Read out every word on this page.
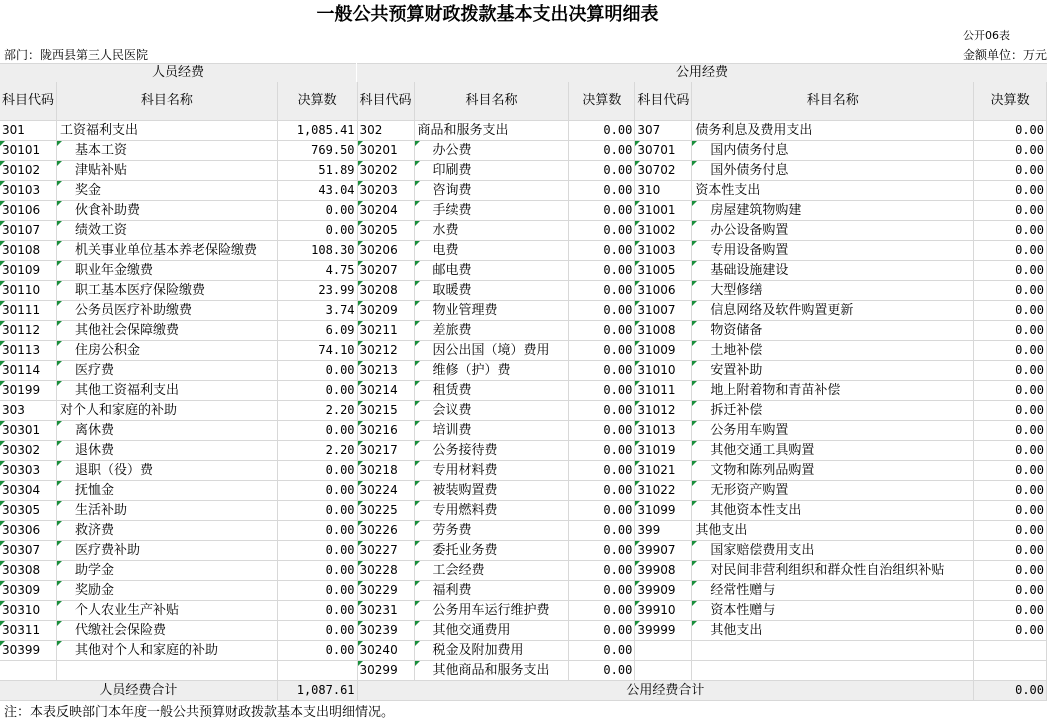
一般公共预算财政拨款基本支出决算明细表
公开06表
部门：陇西县第三人民医院	金额单位：万元
人员经费	公用经费
科目代码	科目名称	决算数	科目代码	科目名称	决算数	科目代码	科目名称	决算数
301	工资福利支出	1,085.41	302	商品和服务支出	0.00	307	债务利息及费用支出	0.00
30101	基本工资	769.50	30201	办公费	0.00	30701	国内债务付息	0.00
30102	津贴补贴	51.89	30202	印刷费	0.00	30702	国外债务付息	0.00
30103	奖金	43.04	30203	咨询费	0.00	310	资本性支出	0.00
30106	伙食补助费	0.00	30204	手续费	0.00	31001	房屋建筑物购建	0.00
30107	绩效工资	0.00	30205	水费	0.00	31002	办公设备购置	0.00
30108	机关事业单位基本养老保险缴费	108.30	30206	电费	0.00	31003	专用设备购置	0.00
30109	职业年金缴费	4.75	30207	邮电费	0.00	31005	基础设施建设	0.00
30110	职工基本医疗保险缴费	23.99	30208	取暖费	0.00	31006	大型修缮	0.00
30111	公务员医疗补助缴费	3.74	30209	物业管理费	0.00	31007	信息网络及软件购置更新	0.00
30112	其他社会保障缴费	6.09	30211	差旅费	0.00	31008	物资储备	0.00
30113	住房公积金	74.10	30212	因公出国（境）费用	0.00	31009	土地补偿	0.00
30114	医疗费	0.00	30213	维修（护）费	0.00	31010	安置补助	0.00
30199	其他工资福利支出	0.00	30214	租赁费	0.00	31011	地上附着物和青苗补偿	0.00
303	对个人和家庭的补助	2.20	30215	会议费	0.00	31012	拆迁补偿	0.00
30301	离休费	0.00	30216	培训费	0.00	31013	公务用车购置	0.00
30302	退休费	2.20	30217	公务接待费	0.00	31019	其他交通工具购置	0.00
30303	退职（役）费	0.00	30218	专用材料费	0.00	31021	文物和陈列品购置	0.00
30304	抚恤金	0.00	30224	被装购置费	0.00	31022	无形资产购置	0.00
30305	生活补助	0.00	30225	专用燃料费	0.00	31099	其他资本性支出	0.00
30306	救济费	0.00	30226	劳务费	0.00	399	其他支出	0.00
30307	医疗费补助	0.00	30227	委托业务费	0.00	39907	国家赔偿费用支出	0.00
30308	助学金	0.00	30228	工会经费	0.00	39908	对民间非营利组织和群众性自治组织补贴	0.00
30309	奖励金	0.00	30229	福利费	0.00	39909	经常性赠与	0.00
30310	个人农业生产补贴	0.00	30231	公务用车运行维护费	0.00	39910	资本性赠与	0.00
30311	代缴社会保险费	0.00	30239	其他交通费用	0.00	39999	其他支出	0.00
30399	其他对个人和家庭的补助	0.00	30240	税金及附加费用	0.00			
			30299	其他商品和服务支出	0.00			
人员经费合计		1,087.61	公用经费合计					0.00
注：本表反映部门本年度一般公共预算财政拨款基本支出明细情况。
